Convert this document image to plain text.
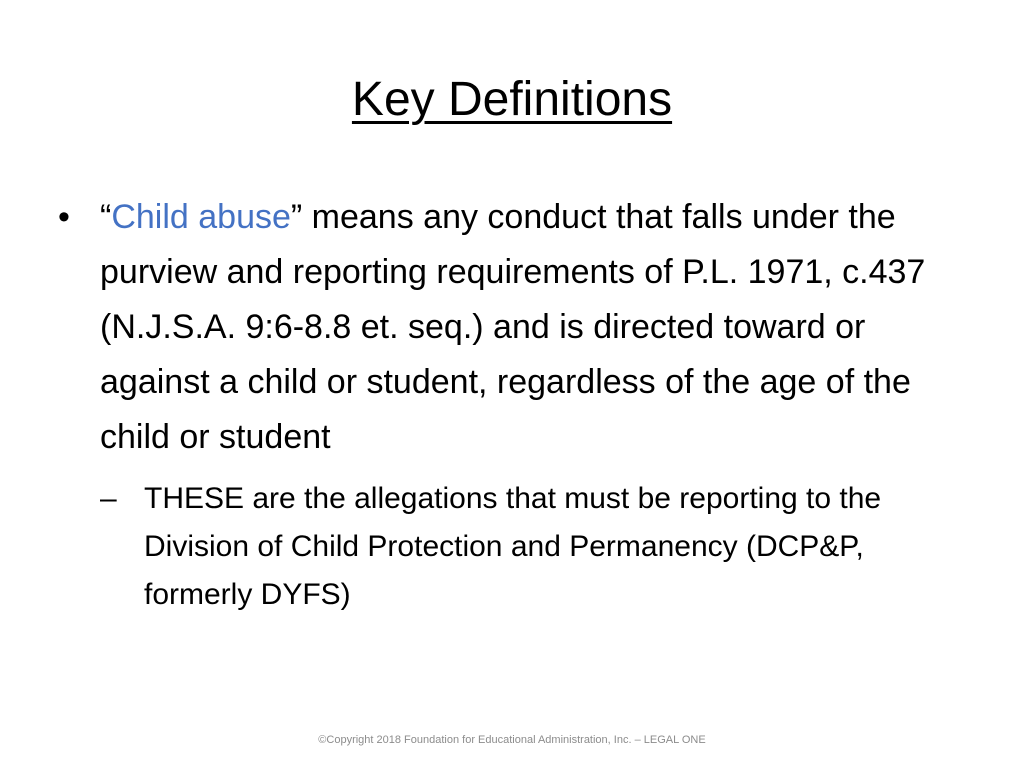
Key Definitions
• “Child abuse” means any conduct that falls under the purview and reporting requirements of P.L. 1971, c.437 (N.J.S.A. 9:6-8.8 et. seq.) and is directed toward or against a child or student, regardless of the age of the child or student
– THESE are the allegations that must be reporting to the Division of Child Protection and Permanency (DCP&P, formerly DYFS)
©Copyright 2018 Foundation for Educational Administration, Inc. – LEGAL ONE
